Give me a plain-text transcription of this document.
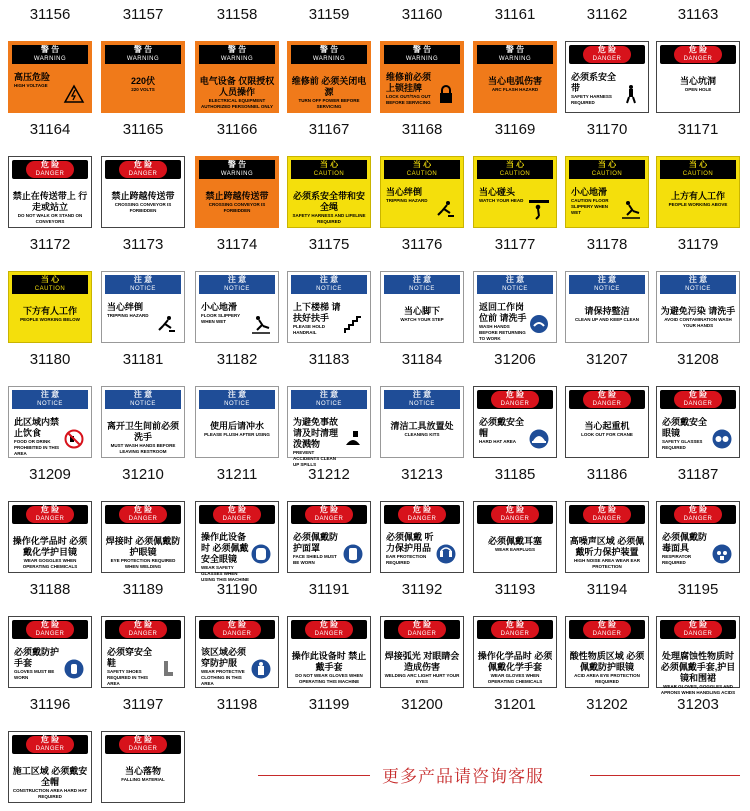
31156	31157	31158	31159	31160	31161	31162	31163
警 告
WARNING
高压危险
HIGH VOLTAGE
警 告
WARNING
220伏
220 VOLTS
警 告
WARNING
电气设备 仅限授权人员操作
ELECTRICAL EQUIPMENT AUTHORIZED PERSONNEL ONLY
警 告
WARNING
维修前 必须关闭电源
TURN OFF POWER BEFORE SERVICING
警 告
WARNING
维修前必须 上锁挂牌
LOCK OUT/TAG OUT BEFORE SERVICING
警 告
WARNING
当心电弧伤害
ARC FLASH HAZARD
危 险
DANGER
必须系安全带
SAFETY HARNESS REQUIRED
危 险
DANGER
当心坑洞
OPEN HOLE
31164	31165	31166	31167	31168	31169	31170	31171
危 险
DANGER
禁止在传送带上 行走或站立
DO NOT WALK OR STAND ON CONVEYORS
危 险
DANGER
禁止跨越传送带
CROSSING CONVEYOR IS FORBIDDEN
警 告
WARNING
禁止跨越传送带
CROSSING CONVEYOR IS FORBIDDEN
当 心
CAUTION
必须系安全带和安全绳
SAFETY HARNESS AND LIFELINE REQUIRED
当 心
CAUTION
当心绊倒
TRIPPING HAZARD
当 心
CAUTION
当心碰头
WATCH YOUR HEAD
当 心
CAUTION
小心地滑
CAUTION FLOOR SLIPPERY WHEN WET
当 心
CAUTION
上方有人工作
PEOPLE WORKING ABOVE
31172	31173	31174	31175	31176	31177	31178	31179
当 心
CAUTION
下方有人工作
PEOPLE WORKING BELOW
注 意
NOTICE
当心绊倒
TRIPPING HAZARD
注 意
NOTICE
小心地滑
FLOOR SLIPPERY WHEN WET
注 意
NOTICE
上下楼梯 请扶好扶手
PLEASE HOLD HANDRAIL
注 意
NOTICE
当心脚下
WATCH YOUR STEP
注 意
NOTICE
返回工作岗位前 请洗手
WASH HANDS BEFORE RETURNING TO WORK
注 意
NOTICE
请保持整洁
CLEAN UP AND KEEP CLEAN
注 意
NOTICE
为避免污染 请洗手
AVOID CONTAMINATION WASH YOUR HANDS
31180	31181	31182	31183	31184	31206	31207	31208
注 意
NOTICE
此区域内禁止饮食
FOOD OR DRINK PROHIBITED IN THIS AREA
注 意
NOTICE
离开卫生间前必须洗手
MUST WASH HANDS BEFORE LEAVING RESTROOM
注 意
NOTICE
使用后请冲水
PLEASE FLUSH AFTER USING
注 意
NOTICE
为避免事故 请及时清理泼溅物
PREVENT ACCIDENTS CLEAN UP SPILLS
注 意
NOTICE
清洁工具放置处
CLEANING KITS
危 险
DANGER
必须戴安全帽
HARD HAT AREA
危 险
DANGER
当心起重机
LOOK OUT FOR CRANE
危 险
DANGER
必须戴安全眼镜
SAFETY GLASSES REQUIRED
31209	31210	31211	31212	31213	31185	31186	31187
危 险
DANGER
操作化学品时 必须戴化学护目镜
WEAR GOGGLES WHEN OPERATING CHEMICALS
危 险
DANGER
焊接时 必须佩戴防护眼镜
EYE PROTECTION REQUIRED WHEN WELDING
危 险
DANGER
操作此设备时 必须佩戴安全眼镜
WEAR SAFETY GLASSES WHEN USING THIS MACHINE
危 险
DANGER
必须佩戴防护面罩
FACE SHIELD MUST BE WORN
危 险
DANGER
必须佩戴 听力保护用品
EAR PROTECTION REQUIRED
危 险
DANGER
必须佩戴耳塞
WEAR EARPLUGS
危 险
DANGER
高噪声区域 必须佩戴听力保护装置
HIGH NOISE AREA WEAR EAR PROTECTION
危 险
DANGER
必须佩戴防毒面具
RESPIRATOR REQUIRED
31188	31189	31190	31191	31192	31193	31194	31195
危 险
DANGER
必须戴防护手套
GLOVES MUST BE WORN
危 险
DANGER
必须穿安全鞋
SAFETY SHOES REQUIRED IN THIS AREA
危 险
DANGER
该区域必须穿防护服
WEAR PROTECTIVE CLOTHING IN THIS AREA
危 险
DANGER
操作此设备时 禁止戴手套
DO NOT WEAR GLOVES WHEN OPERATING THIS MACHINE
危 险
DANGER
焊接弧光 对眼睛会造成伤害
WELDING ARC LIGHT HURT YOUR EYES
危 险
DANGER
操作化学品时 必须佩戴化学手套
WEAR GLOVES WHEN OPERATING CHEMICALS
危 险
DANGER
酸性物质区域 必须佩戴防护眼镜
ACID AREA EYE PROTECTION REQUIRED
危 险
DANGER
处理腐蚀性物质时 必须佩戴手套,护目镜和围裙
WEAR GLOVES, GOGGLES AND APRONS WHEN HANDLING ACIDS
31196	31197	31198	31199	31200	31201	31202	31203
危 险
DANGER
施工区域 必须戴安全帽
CONSTRUCTION AREA HARD HAT REQUIRED
危 险
DANGER
当心落物
FALLING MATERIAL	更多产品请咨询客服
